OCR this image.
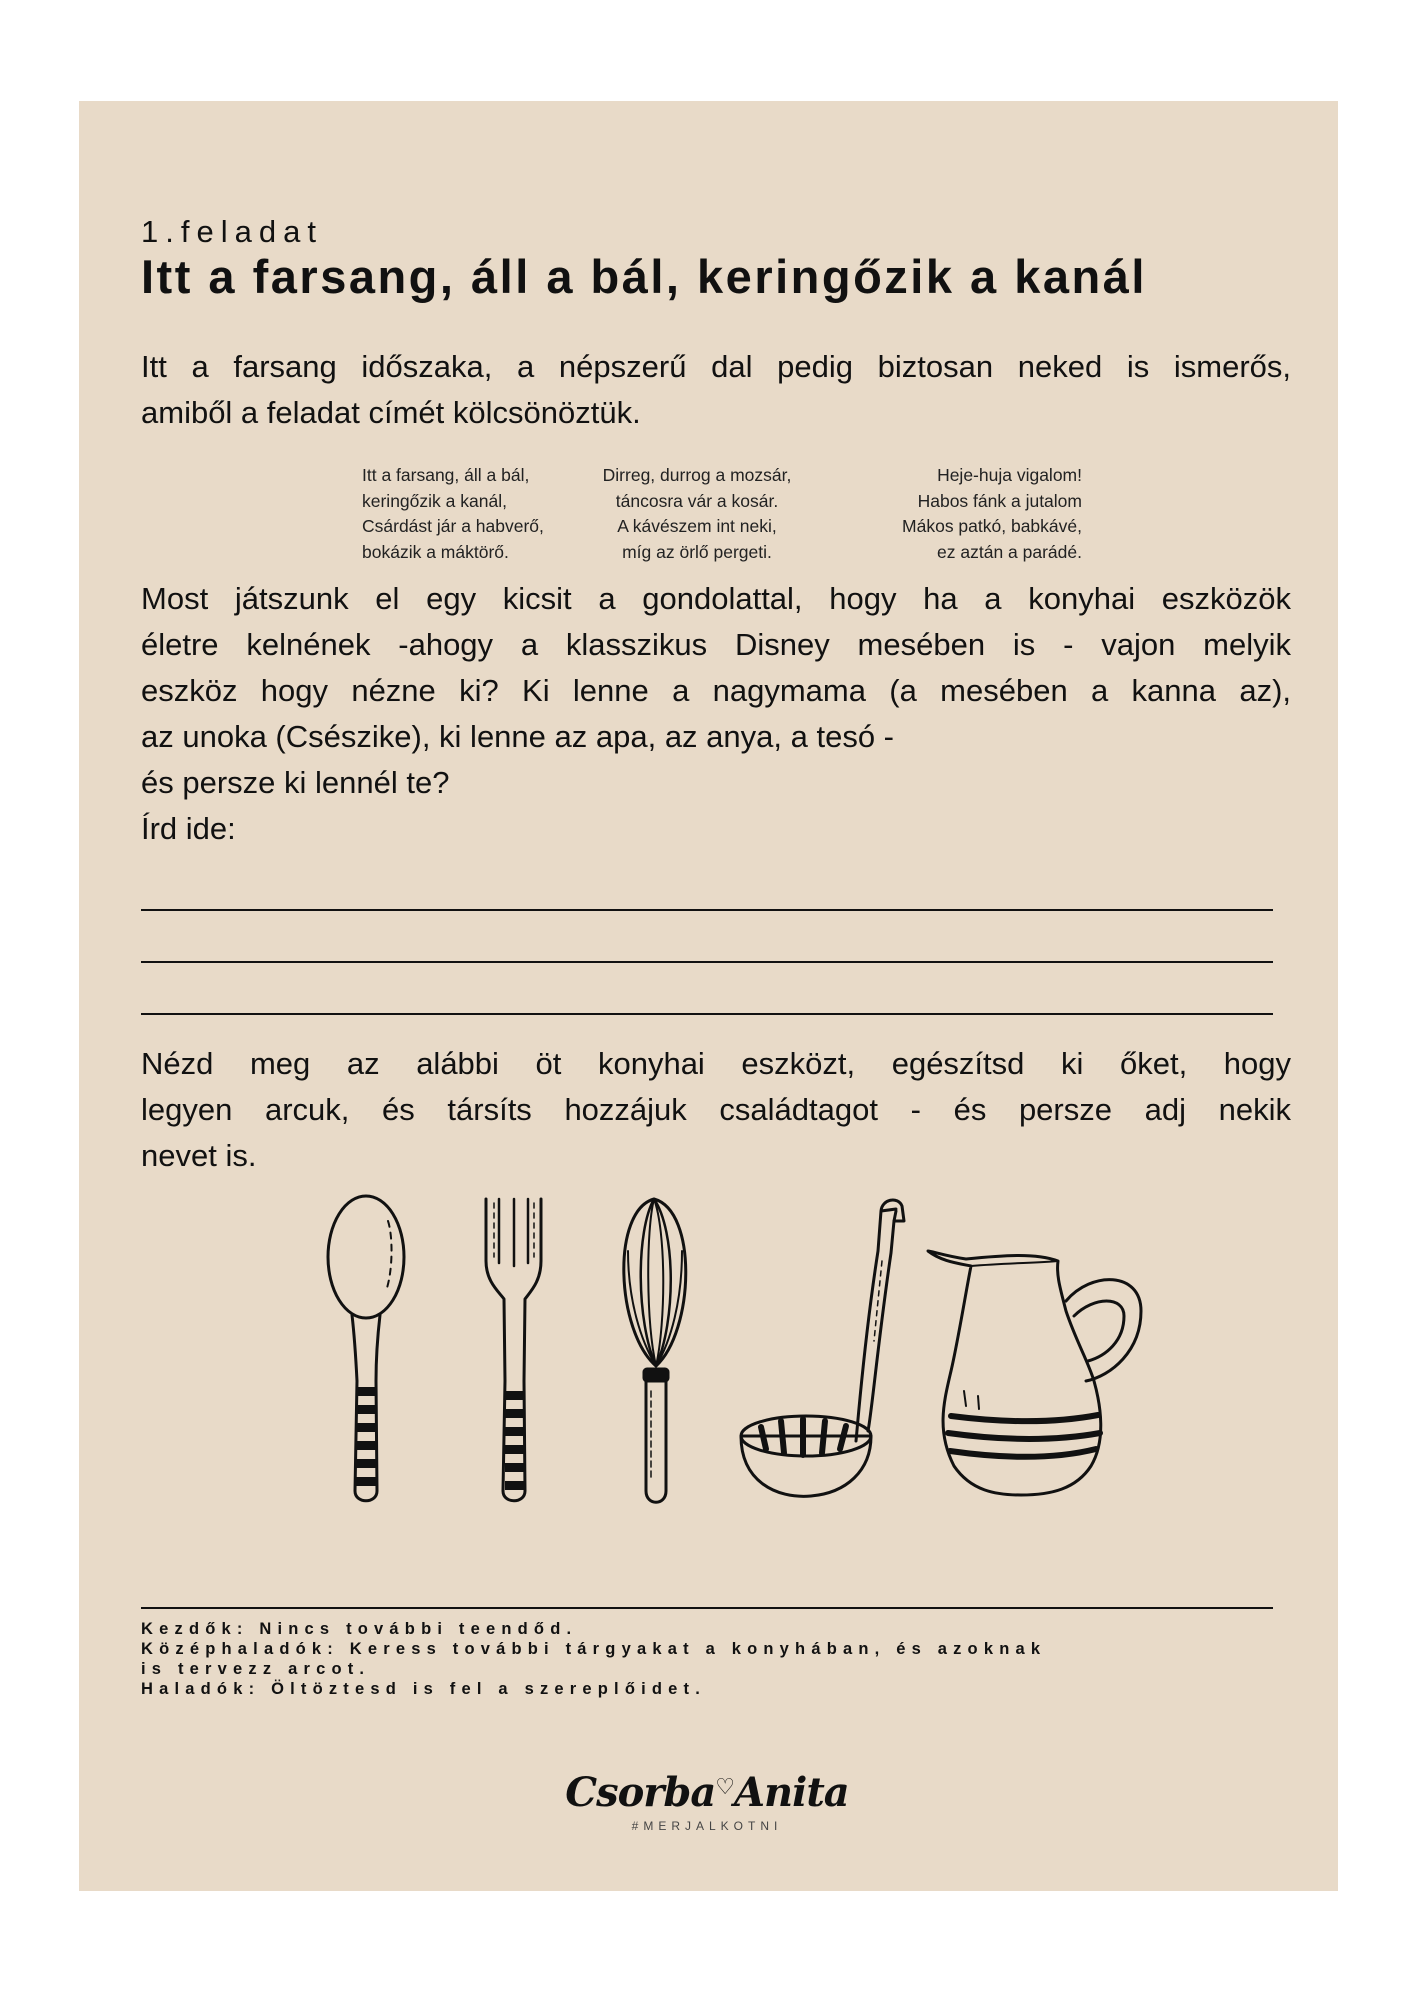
1.feladat
Itt a farsang, áll a bál, keringőzik a kanál

Itt a farsang időszaka, a népszerű dal pedig biztosan neked is ismerős,
amiből a feladat címét kölcsönöztük.

Itt a farsang, áll a bál,
keringőzik a kanál,
Csárdást jár a habverő,
bokázik a máktörő.
Dirreg, durrog a mozsár,
táncosra vár a kosár.
A kávészem int neki,
míg az örlő pergeti.
Heje-huja vigalom!
Habos fánk a jutalom
Mákos patkó, babkávé,
ez aztán a parádé.

Most játszunk el egy kicsit a gondolattal, hogy ha a konyhai eszközök
életre kelnének -ahogy a klasszikus Disney mesében is - vajon melyik
eszköz hogy nézne ki? Ki lenne a nagymama (a mesében a kanna az),
az unoka (Csészike), ki lenne az apa, az anya, a tesó -
és persze ki lennél te?
Írd ide:

Nézd meg az alábbi öt konyhai eszközt, egészítsd ki őket, hogy
legyen arcuk, és társíts hozzájuk családtagot - és persze adj nekik
nevet is.

Kezdők: Nincs további teendőd.
Középhaladók: Keress további tárgyakat a konyhában, és azoknak
is tervezz arcot.
Haladók: Öltöztesd is fel a szereplőidet.
Csorba♡Anita
#MERJALKOTNI
